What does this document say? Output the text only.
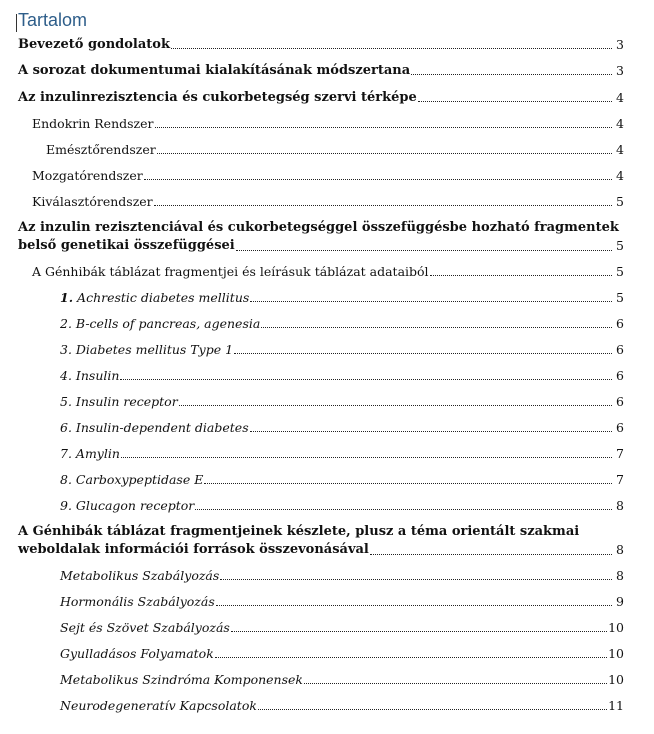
Tartalom
Bevezető gondolatok	3
A sorozat dokumentumai kialakításának módszertana	3
Az inzulinrezisztencia és cukorbetegség szervi térképe	4
Endokrin Rendszer	4
Emésztőrendszer	4
Mozgatórendszer	4
Kiválasztórendszer	5
Az inzulin rezisztenciával és cukorbetegséggel összefüggésbe hozható fragmentek
belső genetikai összefüggései	5
A Génhibák táblázat fragmentjei és leírásuk táblázat adataiból	5
1. Achrestic diabetes mellitus	5
2. B-cells of pancreas, agenesia	6
3. Diabetes mellitus Type 1	6
4. Insulin	6
5. Insulin receptor	6
6. Insulin-dependent diabetes	6
7. Amylin	7
8. Carboxypeptidase E	7
9. Glucagon receptor	8
A Génhibák táblázat fragmentjeinek készlete, plusz a téma orientált szakmai
weboldalak információi források összevonásával	8
Metabolikus Szabályozás	8
Hormonális Szabályozás	9
Sejt és Szövet Szabályozás	10
Gyulladásos Folyamatok	10
Metabolikus Szindróma Komponensek	10
Neurodegeneratív Kapcsolatok	11
